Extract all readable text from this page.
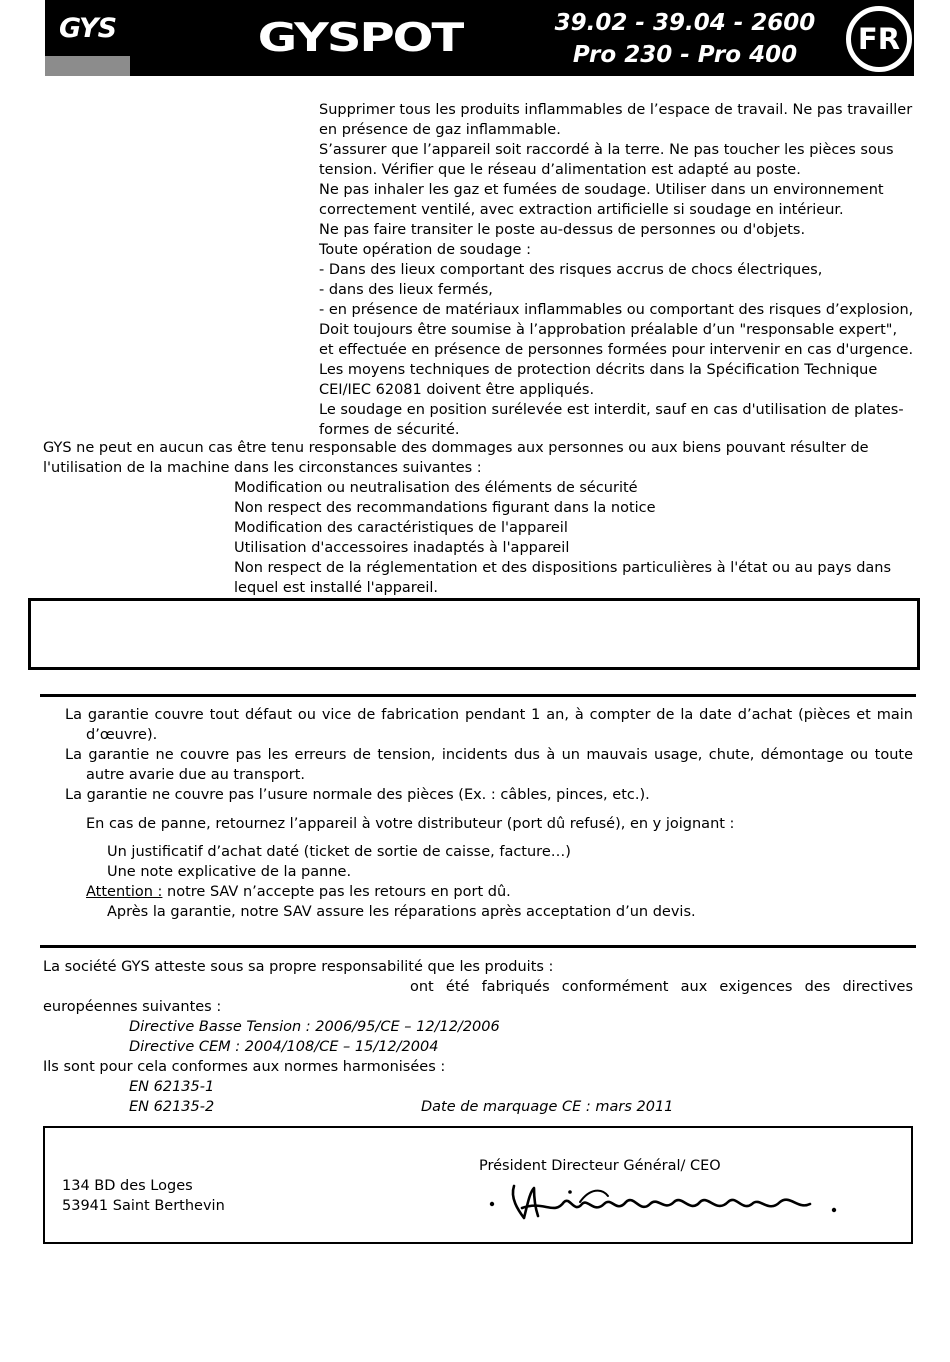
GYS	GYSPOT	39.02 - 39.04 - 2600
Pro 230 - Pro 400	FR
Supprimer tous les produits inflammables de l’espace de travail. Ne pas travailler
en présence de gaz inflammable.
S’assurer que l’appareil soit raccordé à la terre. Ne pas toucher les pièces sous
tension. Vérifier que le réseau d’alimentation est adapté au poste.
Ne pas inhaler les gaz et fumées de soudage. Utiliser dans un environnement
correctement ventilé, avec extraction artificielle si soudage en intérieur.
Ne pas faire transiter le poste au-dessus de personnes ou d'objets.
Toute opération de soudage :
- Dans des lieux comportant des risques accrus de chocs électriques,
- dans des lieux fermés,
- en présence de matériaux inflammables ou comportant des risques d’explosion,
Doit toujours être soumise à l’approbation préalable d’un "responsable expert",
et effectuée en présence de personnes formées pour intervenir en cas d'urgence.
Les moyens techniques de protection décrits dans la Spécification Technique
CEI/IEC 62081 doivent être appliqués.
Le soudage en position surélevée est interdit, sauf en cas d'utilisation de plates-
formes de sécurité.
GYS ne peut en aucun cas être tenu responsable des dommages aux personnes ou aux biens pouvant résulter de
l'utilisation de la machine dans les circonstances suivantes :
Modification ou neutralisation des éléments de sécurité
Non respect des recommandations figurant dans la notice
Modification des caractéristiques de l'appareil
Utilisation d'accessoires inadaptés à l'appareil
Non respect de la réglementation et des dispositions particulières à l'état ou au pays dans
lequel est installé l'appareil.
La garantie couvre tout défaut ou vice de fabrication pendant 1 an, à compter de la date d’achat (pièces et main
d’œuvre).
La garantie ne couvre pas les erreurs de tension, incidents dus à un mauvais usage, chute, démontage ou toute
autre avarie due au transport.
La garantie ne couvre pas l’usure normale des pièces (Ex. : câbles, pinces, etc.).
En cas de panne, retournez l’appareil à votre distributeur (port dû refusé), en y joignant :
Un justificatif d’achat daté (ticket de sortie de caisse, facture…)
Une note explicative de la panne.
Attention : notre SAV n’accepte pas les retours en port dû.
Après la garantie, notre SAV assure les réparations après acceptation d’un devis.
La société GYS atteste sous sa propre responsabilité que les produits :
ont été fabriqués conformément aux exigences des directives
européennes suivantes :
Directive Basse Tension : 2006/95/CE – 12/12/2006
Directive CEM : 2004/108/CE – 15/12/2004
Ils sont pour cela conformes aux normes harmonisées :
EN 62135-1
EN 62135-2	Date de marquage CE : mars 2011
Président Directeur Général/ CEO
134 BD des Loges
53941 Saint Berthevin
